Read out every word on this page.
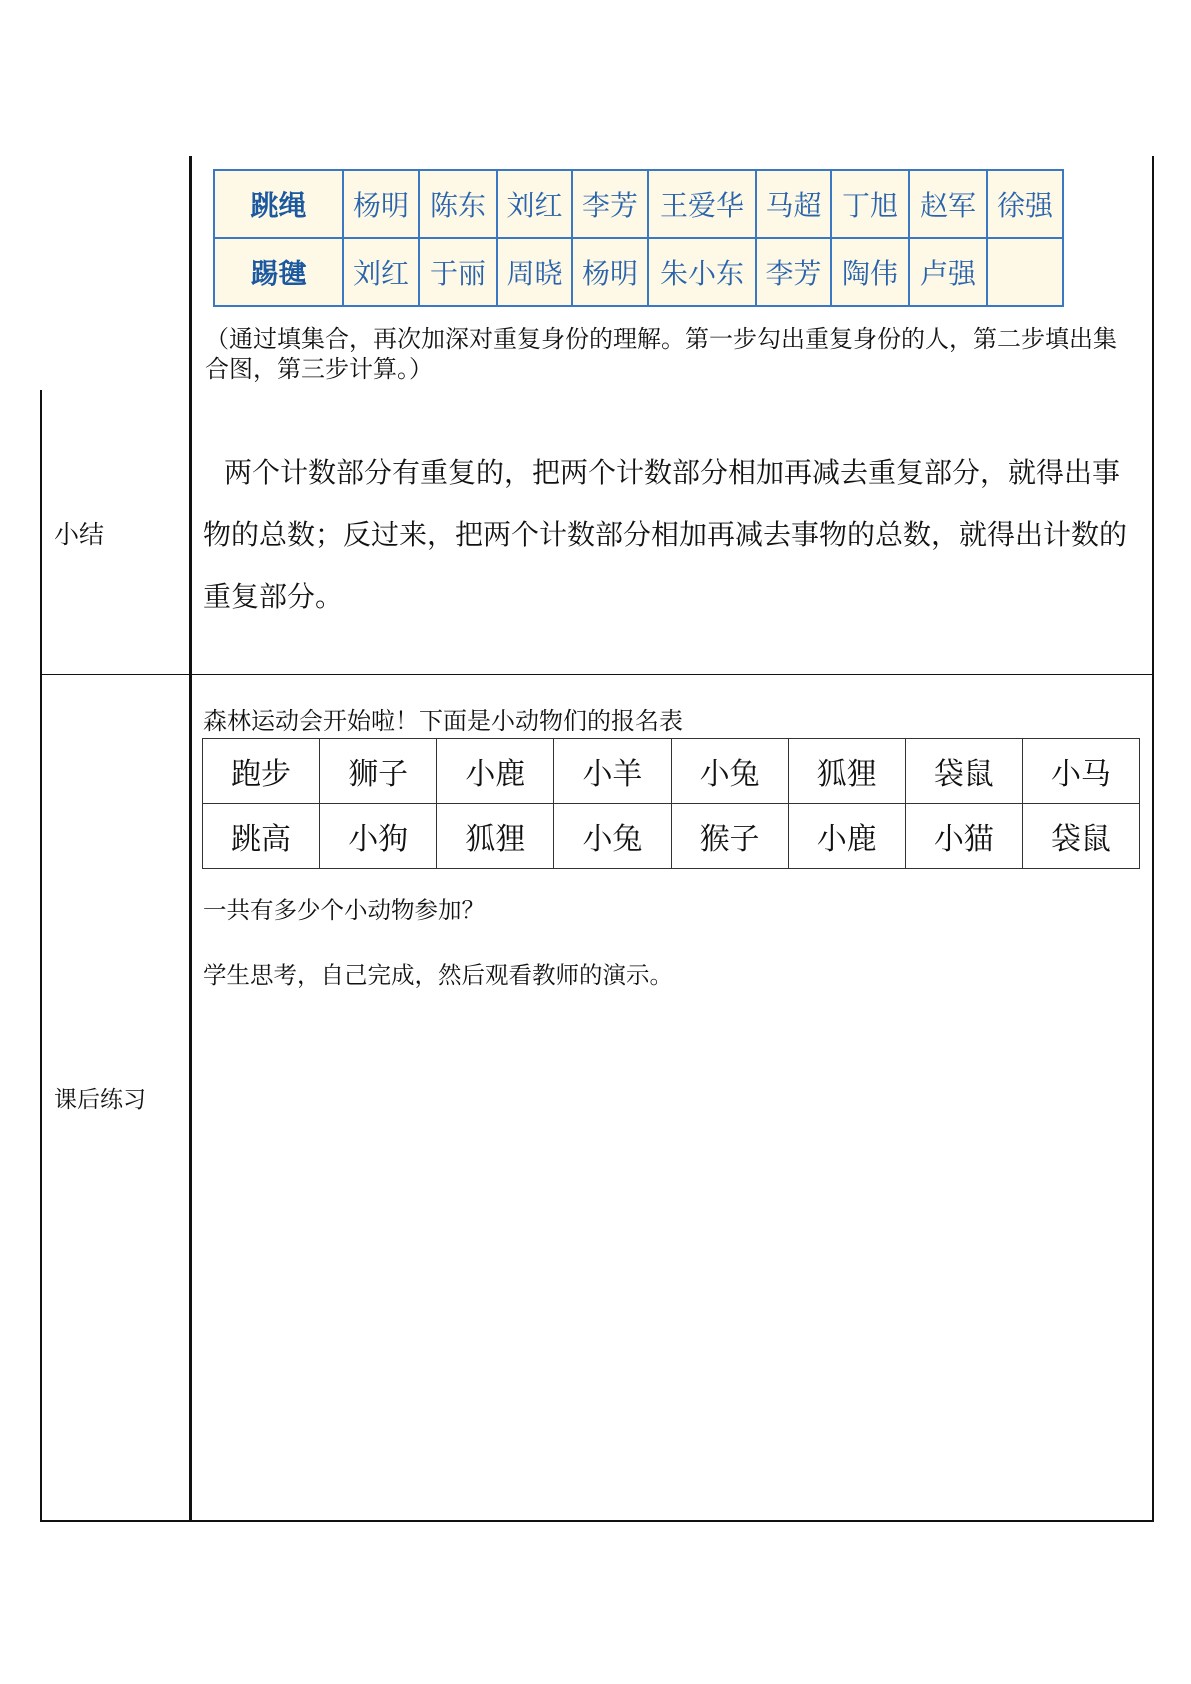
跳绳	杨明	陈东	刘红	李芳	王爱华	马超	丁旭	赵军	徐强
踢毽	刘红	于丽	周晓	杨明	朱小东	李芳	陶伟	卢强	
（通过填集合，再次加深对重复身份的理解。第一步勾出重复身份的人，第二步填出集合图，第三步计算。）
小结
两个计数部分有重复的，把两个计数部分相加再减去重复部分，就得出事物的总数；反过来，把两个计数部分相加再减去事物的总数，就得出计数的重复部分。
课后练习
森林运动会开始啦！下面是小动物们的报名表
跑步	狮子	小鹿	小羊	小兔	狐狸	袋鼠	小马
跳高	小狗	狐狸	小兔	猴子	小鹿	小猫	袋鼠
一共有多少个小动物参加？
学生思考，自己完成，然后观看教师的演示。
